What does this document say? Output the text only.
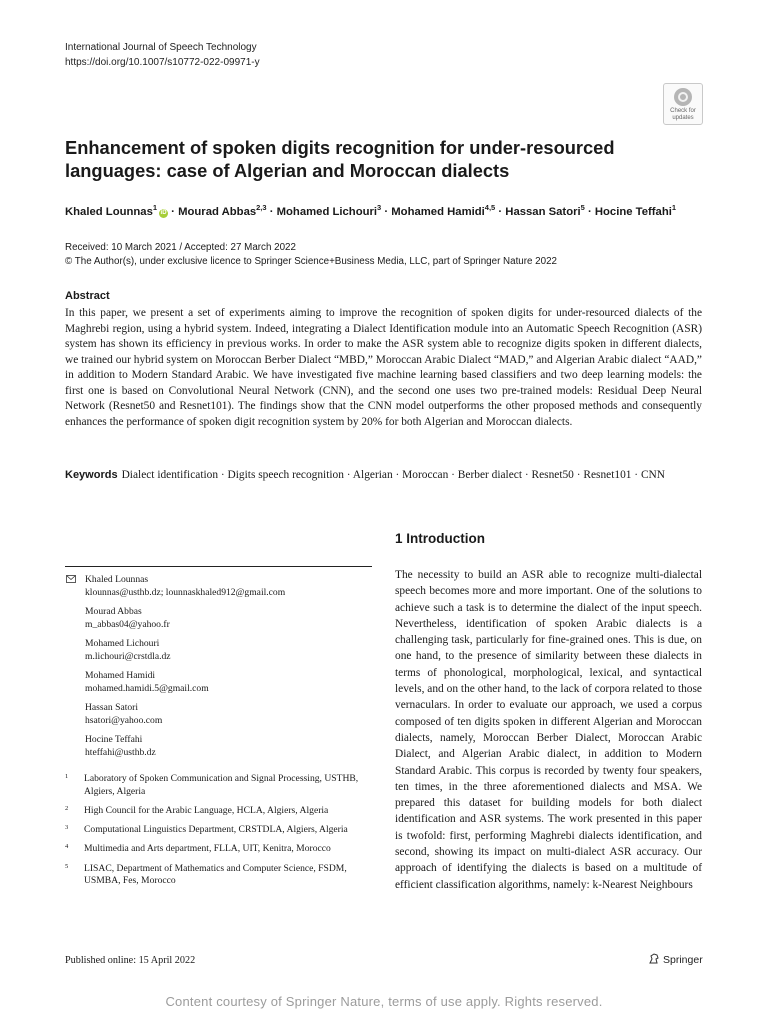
International Journal of Speech Technology
https://doi.org/10.1007/s10772-022-09971-y
Check for
updates
Enhancement of spoken digits recognition for under-resourced languages: case of Algerian and Moroccan dialects
Khaled Lounnas$^1$iD · Mourad Abbas$^{2,3}$ · Mohamed Lichouri$^3$ · Mohamed Hamidi$^{4,5}$ · Hassan Satori$^5$ · Hocine Teffahi$^1$
Received: 10 March 2021 / Accepted: 27 March 2022
© The Author(s), under exclusive licence to Springer Science+Business Media, LLC, part of Springer Nature 2022
Abstract
In this paper, we present a set of experiments aiming to improve the recognition of spoken digits for under-resourced dialects of the Maghrebi region, using a hybrid system. Indeed, integrating a Dialect Identification module into an Automatic Speech Recognition (ASR) system has shown its efficiency in previous works. In order to make the ASR system able to recognize digits spoken in different dialects, we trained our hybrid system on Moroccan Berber Dialect “MBD,” Moroccan Arabic Dialect “MAD,” and Algerian Arabic dialect “AAD,” in addition to Modern Standard Arabic. We have investigated five machine learning based classifiers and two deep learning models: the first one is based on Convolutional Neural Network (CNN), and the second one uses two pre-trained models: Residual Deep Neural Network (Resnet50 and Resnet101). The findings show that the CNN model outperforms the other proposed methods and consequently enhances the performance of spoken digit recognition system by 20% for both Algerian and Moroccan dialects.
Keywords Dialect identification · Digits speech recognition · Algerian · Moroccan · Berber dialect · Resnet50 · Resnet101 · CNN
1 Introduction
The necessity to build an ASR able to recognize multi-dialectal speech becomes more and more important. One of the solutions to achieve such a task is to determine the dialect of the input speech. Nevertheless, identification of spoken Arabic dialects is a challenging task, particularly for fine-grained ones. This is due, on one hand, to the presence of similarity between these dialects in terms of phonological, morphological, lexical, and syntactical levels, and on the other hand, to the lack of corpora related to those vernaculars. In order to evaluate our approach, we used a corpus composed of ten digits spoken in different Algerian and Moroccan dialects, namely, Moroccan Berber Dialect, Moroccan Arabic Dialect, and Algerian Arabic dialect, in addition to Modern Standard Arabic. This corpus is recorded by twenty four speakers, ten times, in the three aforementioned dialects and MSA. We prepared this dataset for building models for both dialect identification and ASR systems. The work presented in this paper is twofold: first, performing Maghrebi dialects identification, and second, showing its impact on multi-dialect ASR accuracy. Our approach of identifying the dialects is based on a multitude of efficient classification algorithms, namely: k-Nearest Neighbours
Khaled Lounnas
klounnas@usthb.dz; lounnaskhaled912@gmail.com
Mourad Abbas
m_abbas04@yahoo.fr
Mohamed Lichouri
m.lichouri@crstdla.dz
Mohamed Hamidi
mohamed.hamidi.5@gmail.com
Hassan Satori
hsatori@yahoo.com
Hocine Teffahi
hteffahi@usthb.dz
1 Laboratory of Spoken Communication and Signal Processing, USTHB, Algiers, Algeria
2 High Council for the Arabic Language, HCLA, Algiers, Algeria
3 Computational Linguistics Department, CRSTDLA, Algiers, Algeria
4 Multimedia and Arts department, FLLA, UIT, Kenitra, Morocco
5 LISAC, Department of Mathematics and Computer Science, FSDM, USMBA, Fes, Morocco
Published online: 15 April 2022	Springer
Content courtesy of Springer Nature, terms of use apply. Rights reserved.
